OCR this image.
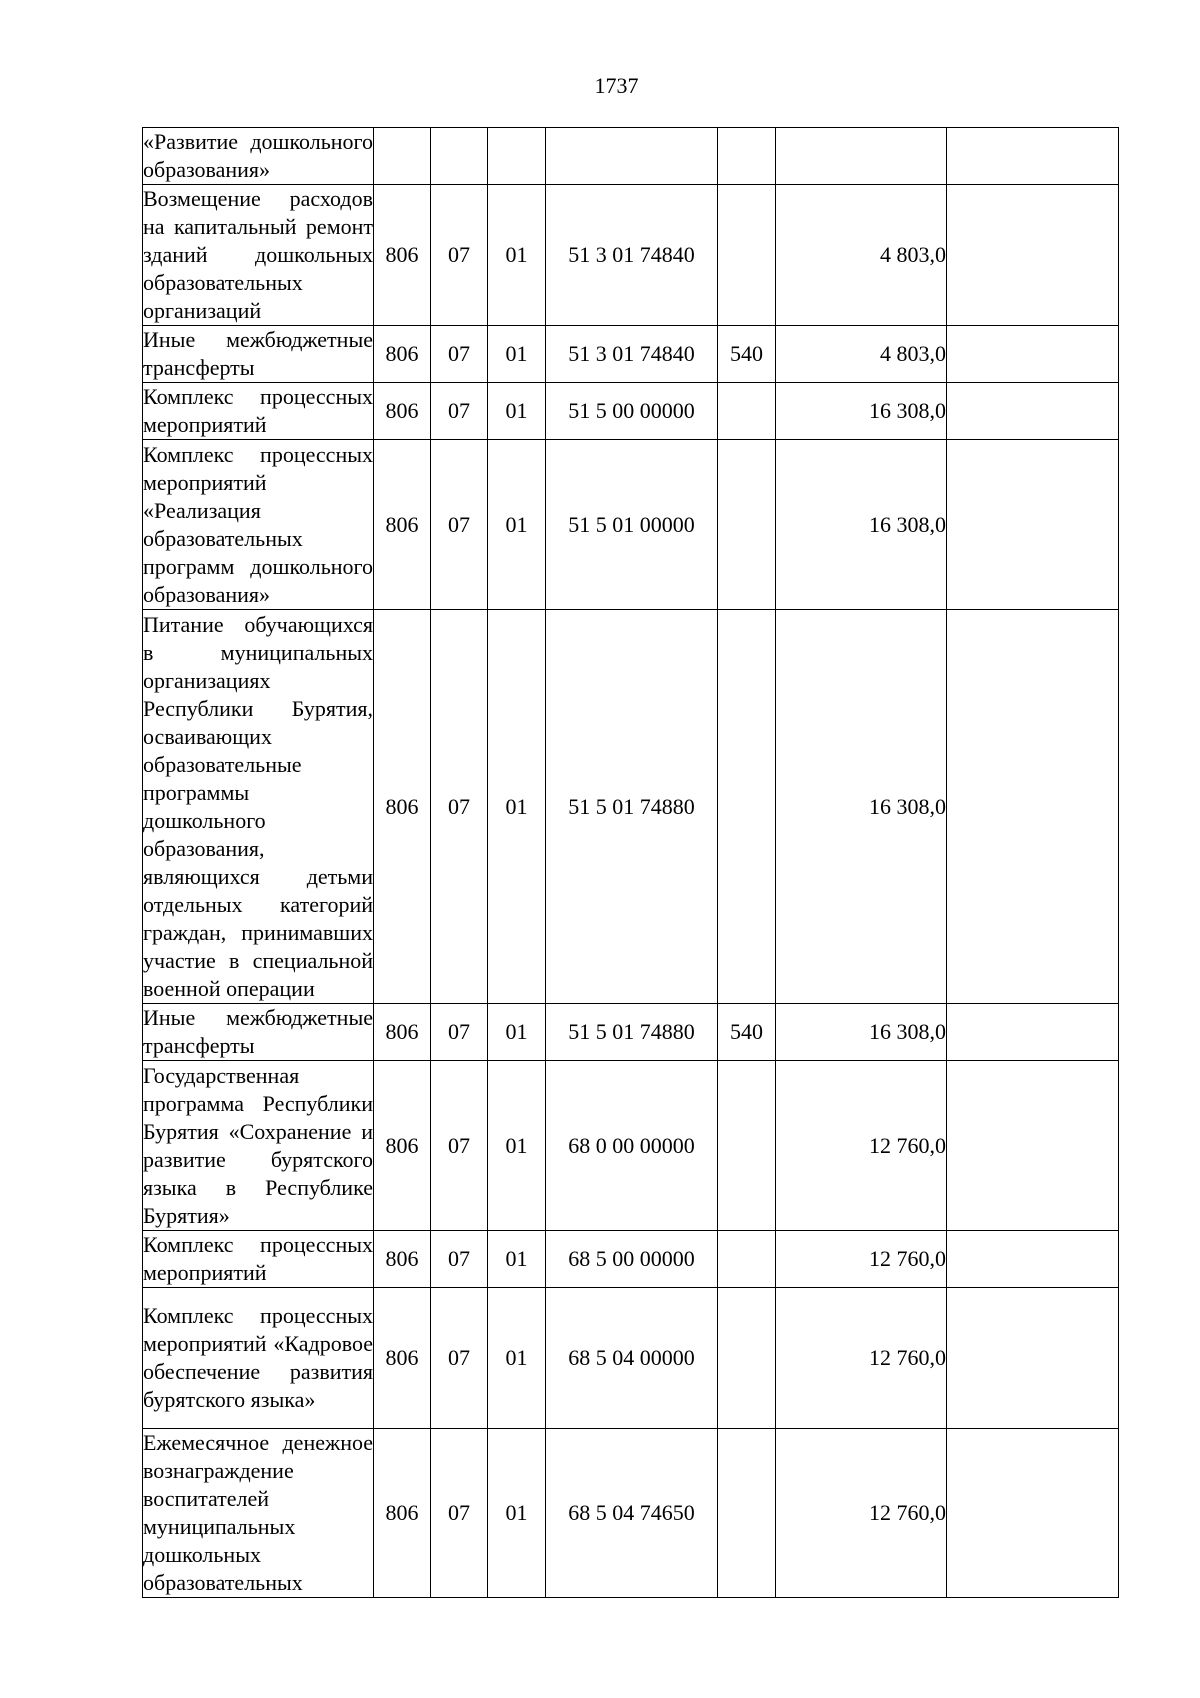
1737
«Развитие дошкольного образования»							
Возмещение расходов на капитальный ремонт зданий дошкольных образовательных организаций	806	07	01	51 3 01 74840		4 803,0	
Иные межбюджетные трансферты	806	07	01	51 3 01 74840	540	4 803,0	
Комплекс процессных мероприятий	806	07	01	51 5 00 00000		16 308,0	
Комплекс процессных мероприятий «Реализация образовательных программ дошкольного образования»	806	07	01	51 5 01 00000		16 308,0	
Питание обучающихся в муниципальных организациях Республики Бурятия, осваивающих образовательные программы дошкольного образования, являющихся детьми отдельных категорий граждан, принимавших участие в специальной военной операции	806	07	01	51 5 01 74880		16 308,0	
Иные межбюджетные трансферты	806	07	01	51 5 01 74880	540	16 308,0	
Государственная программа Республики Бурятия «Сохранение и развитие бурятского языка в Республике Бурятия»	806	07	01	68 0 00 00000		12 760,0	
Комплекс процессных мероприятий	806	07	01	68 5 00 00000		12 760,0	
Комплекс процессных мероприятий «Кадровое обеспечение развития бурятского языка»	806	07	01	68 5 04 00000		12 760,0	
Ежемесячное денежное вознаграждение воспитателей муниципальных дошкольных образовательных	806	07	01	68 5 04 74650		12 760,0	
